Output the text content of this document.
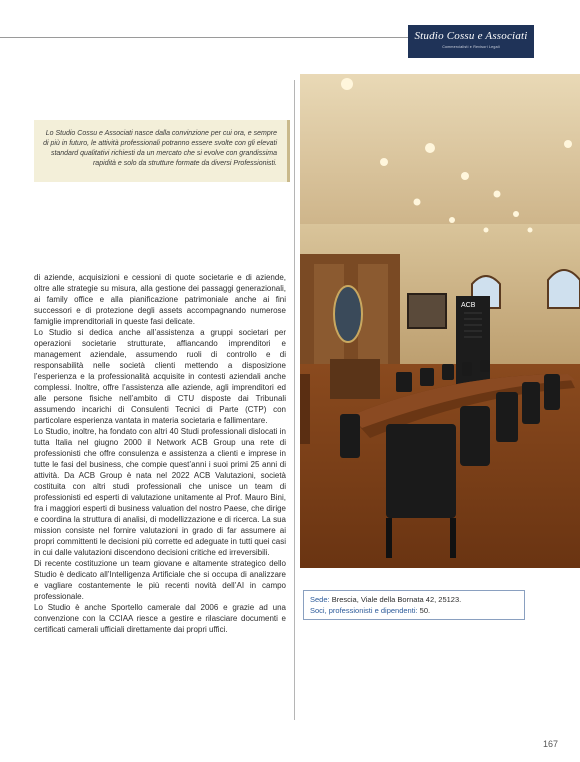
Studio Cossu e Associati
Commercialisti e Revisori Legali
Lo Studio Cossu e Associati nasce dalla convinzione per cui ora, e sempre di più in futuro, le attività professionali potranno essere svolte con gli elevati standard qualitativi richiesti da un mercato che si evolve con grandissima rapidità e solo da strutture formate da diversi Professionisti.
ACB

di aziende, acquisizioni e cessioni di quote societarie e di aziende, oltre alle strategie su misura, alla gestione dei passaggi generazionali, ai family office e alla pianificazione patrimoniale anche ai fini successori e di protezione degli assets accompagnando numerose famiglie imprenditoriali in queste fasi delicate.

Lo Studio si dedica anche all’assistenza a gruppi societari per operazioni societarie strutturate, affiancando imprenditori e management aziendale, assumendo ruoli di controllo e di responsabilità nelle società clienti mettendo a disposizione l’esperienza e la professionalità acquisite in contesti aziendali anche complessi. Inoltre, offre l’assistenza alle aziende, agli imprenditori ed alle persone fisiche nell’ambito di CTU disposte dai Tribunali assumendo incarichi di Consulenti Tecnici di Parte (CTP) con particolare esperienza vantata in materia societaria e fallimentare.

Lo Studio, inoltre, ha fondato con altri 40 Studi professionali dislocati in tutta Italia nel giugno 2000 il Network ACB Group una rete di professionisti che offre consulenza e assistenza a clienti e imprese in tutte le fasi del business, che compie quest’anni i suoi primi 25 anni di attività. Da ACB Group è nata nel 2022 ACB Valutazioni, società costituita con altri studi professionali che unisce un team di professionisti ed esperti di valutazione unitamente al Prof. Mauro Bini, fra i maggiori esperti di business valuation del nostro Paese, che dirige e coordina la struttura di analisi, di modellizzazione e di ricerca. La sua mission consiste nel fornire valutazioni in grado di far assumere ai propri committenti le decisioni più corrette ed adeguate in tutti quei casi in cui dalle valutazioni discendono decisioni critiche ed irreversibili.

Di recente costituzione un team giovane e altamente strategico dello Studio è dedicato all’Intelligenza Artificiale che si occupa di analizzare e vagliare costantemente le più recenti novità dell’AI in campo professionale.

Lo Studio è anche Sportello camerale dal 2006 e grazie ad una convenzione con la CCIAA riesce a gestire e rilasciare documenti e certificati camerali ufficiali direttamente dai propri uffici.

Sede: Brescia, Viale della Bornata 42, 25123.
Soci, professionisti e dipendenti: 50.
167
